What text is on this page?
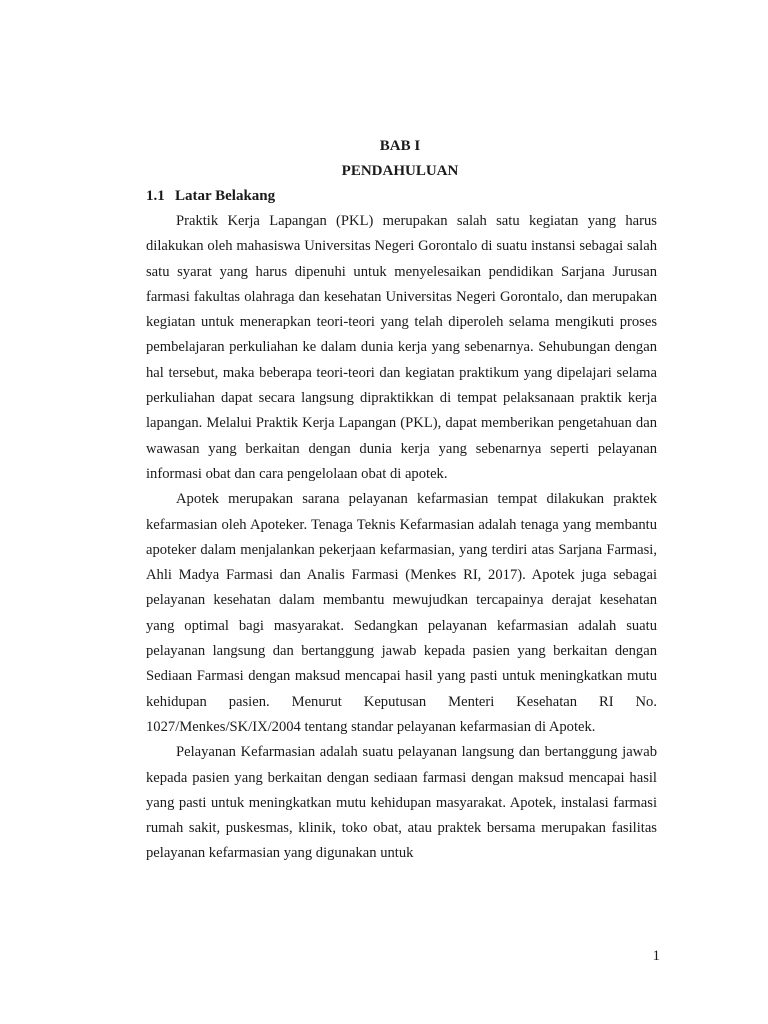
BAB I
PENDAHULUAN
1.1 Latar Belakang

Praktik Kerja Lapangan (PKL) merupakan salah satu kegiatan yang harus dilakukan oleh mahasiswa Universitas Negeri Gorontalo di suatu instansi sebagai salah satu syarat yang harus dipenuhi untuk menyelesaikan pendidikan Sarjana Jurusan farmasi fakultas olahraga dan kesehatan Universitas Negeri Gorontalo, dan merupakan kegiatan untuk menerapkan teori-teori yang telah diperoleh selama mengikuti proses pembelajaran perkuliahan ke dalam dunia kerja yang sebenarnya. Sehubungan dengan hal tersebut, maka beberapa teori-teori dan kegiatan praktikum yang dipelajari selama perkuliahan dapat secara langsung dipraktikkan di tempat pelaksanaan praktik kerja lapangan. Melalui Praktik Kerja Lapangan (PKL), dapat memberikan pengetahuan dan wawasan yang berkaitan dengan dunia kerja yang sebenarnya seperti pelayanan informasi obat dan cara pengelolaan obat di apotek.

Apotek merupakan sarana pelayanan kefarmasian tempat dilakukan praktek kefarmasian oleh Apoteker. Tenaga Teknis Kefarmasian adalah tenaga yang membantu apoteker dalam menjalankan pekerjaan kefarmasian, yang terdiri atas Sarjana Farmasi, Ahli Madya Farmasi dan Analis Farmasi (Menkes RI, 2017). Apotek juga sebagai pelayanan kesehatan dalam membantu mewujudkan tercapainya derajat kesehatan yang optimal bagi masyarakat. Sedangkan pelayanan kefarmasian adalah suatu pelayanan langsung dan bertanggung jawab kepada pasien yang berkaitan dengan Sediaan Farmasi dengan maksud mencapai hasil yang pasti untuk meningkatkan mutu kehidupan pasien. Menurut Keputusan Menteri Kesehatan RI No. 1027/Menkes/SK/IX/2004 tentang standar pelayanan kefarmasian di Apotek.

Pelayanan Kefarmasian adalah suatu pelayanan langsung dan bertanggung jawab kepada pasien yang berkaitan dengan sediaan farmasi dengan maksud mencapai hasil yang pasti untuk meningkatkan mutu kehidupan masyarakat. Apotek, instalasi farmasi rumah sakit, puskesmas, klinik, toko obat, atau praktek bersama merupakan fasilitas pelayanan kefarmasian yang digunakan untuk

1
